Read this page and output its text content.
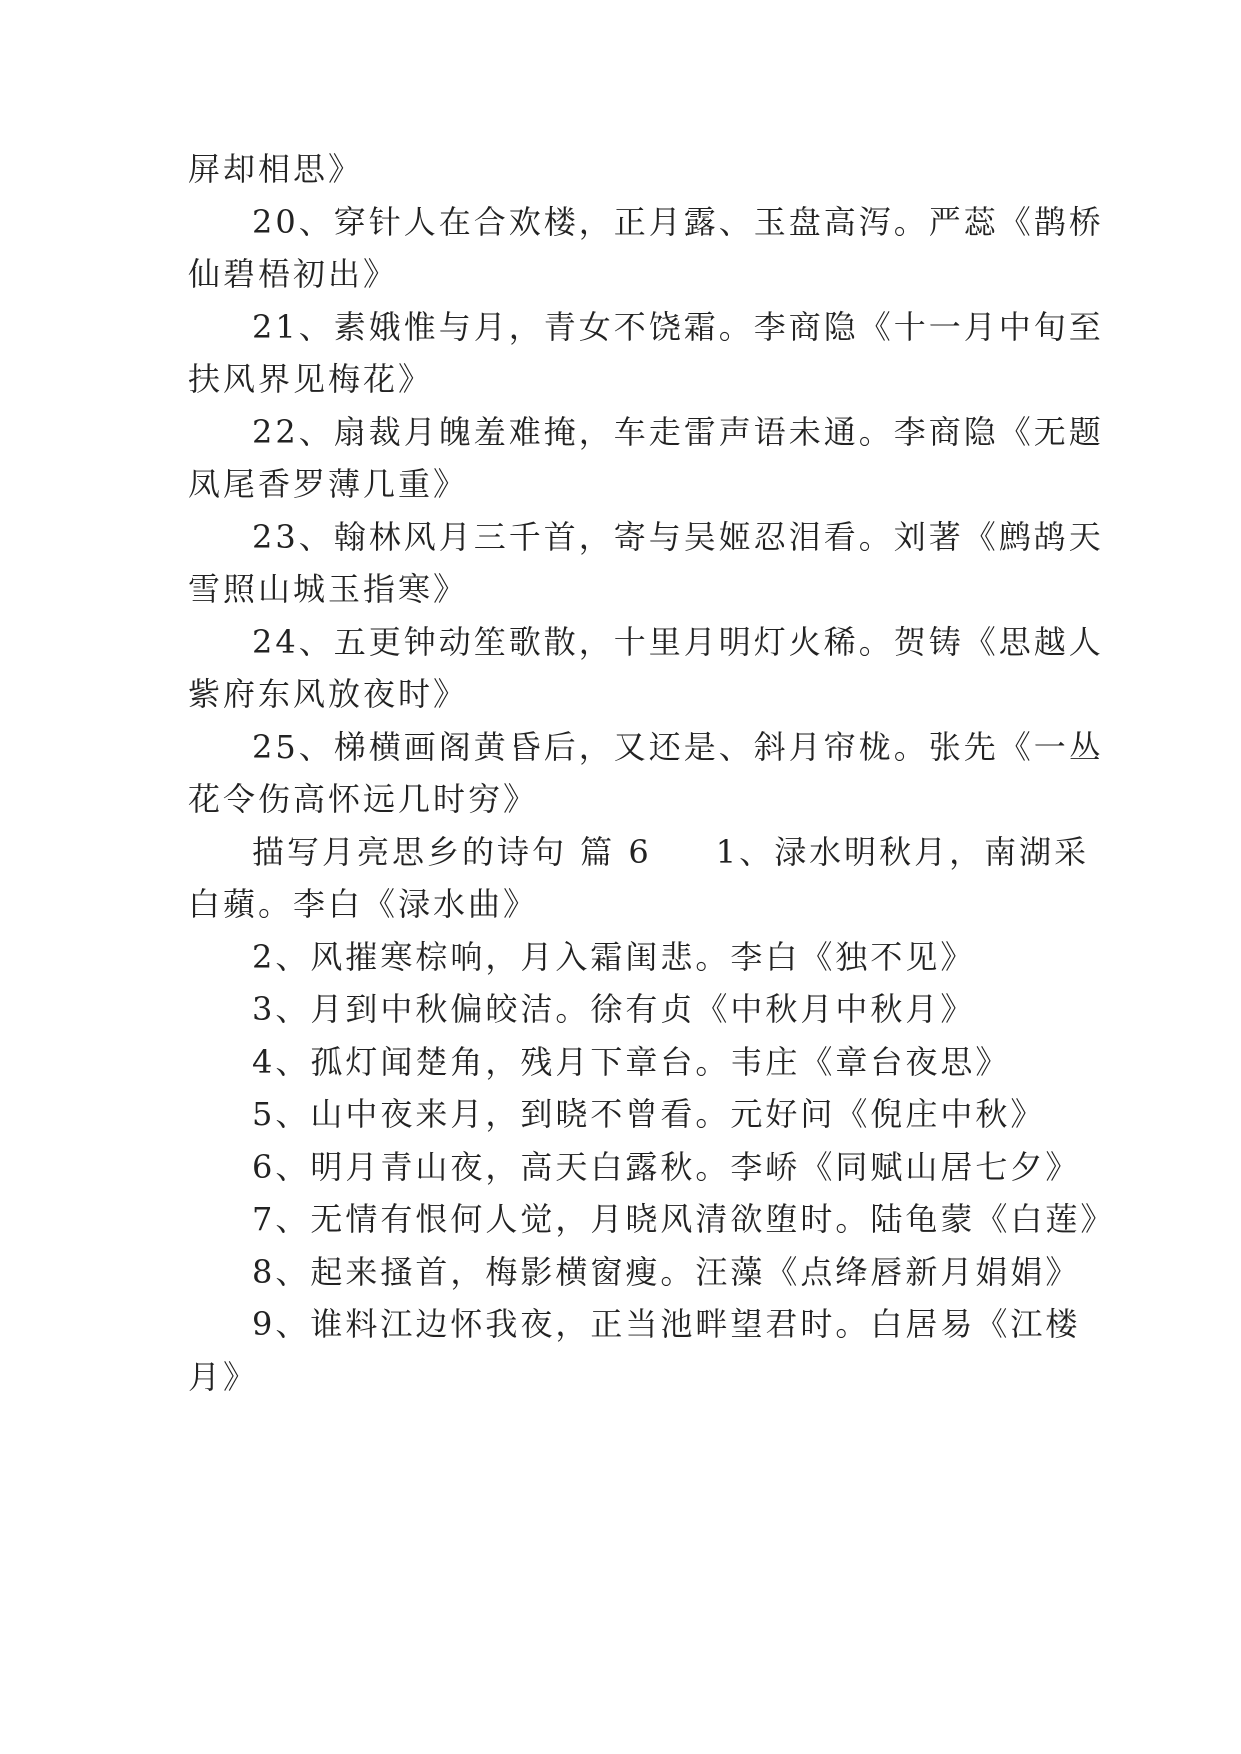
屏却相思》
20、穿针人在合欢楼，正月露、玉盘高泻。严蕊《鹊桥
仙碧梧初出》
21、素娥惟与月，青女不饶霜。李商隐《十一月中旬至
扶风界见梅花》
22、扇裁月魄羞难掩，车走雷声语未通。李商隐《无题
凤尾香罗薄几重》
23、翰林风月三千首，寄与吴姬忍泪看。刘著《鹧鸪天
雪照山城玉指寒》
24、五更钟动笙歌散，十里月明灯火稀。贺铸《思越人
紫府东风放夜时》
25、梯横画阁黄昏后，又还是、斜月帘栊。张先《一丛
花令伤高怀远几时穷》
描写月亮思乡的诗句 篇 6 1、渌水明秋月，南湖采
白蘋。李白《渌水曲》
2、风摧寒棕响，月入霜闺悲。李白《独不见》
3、月到中秋偏皎洁。徐有贞《中秋月中秋月》
4、孤灯闻楚角，残月下章台。韦庄《章台夜思》
5、山中夜来月，到晓不曾看。元好问《倪庄中秋》
6、明月青山夜，高天白露秋。李峤《同赋山居七夕》
7、无情有恨何人觉，月晓风清欲堕时。陆龟蒙《白莲》
8、起来搔首，梅影横窗瘦。汪藻《点绛唇新月娟娟》
9、谁料江边怀我夜，正当池畔望君时。白居易《江楼
月》
